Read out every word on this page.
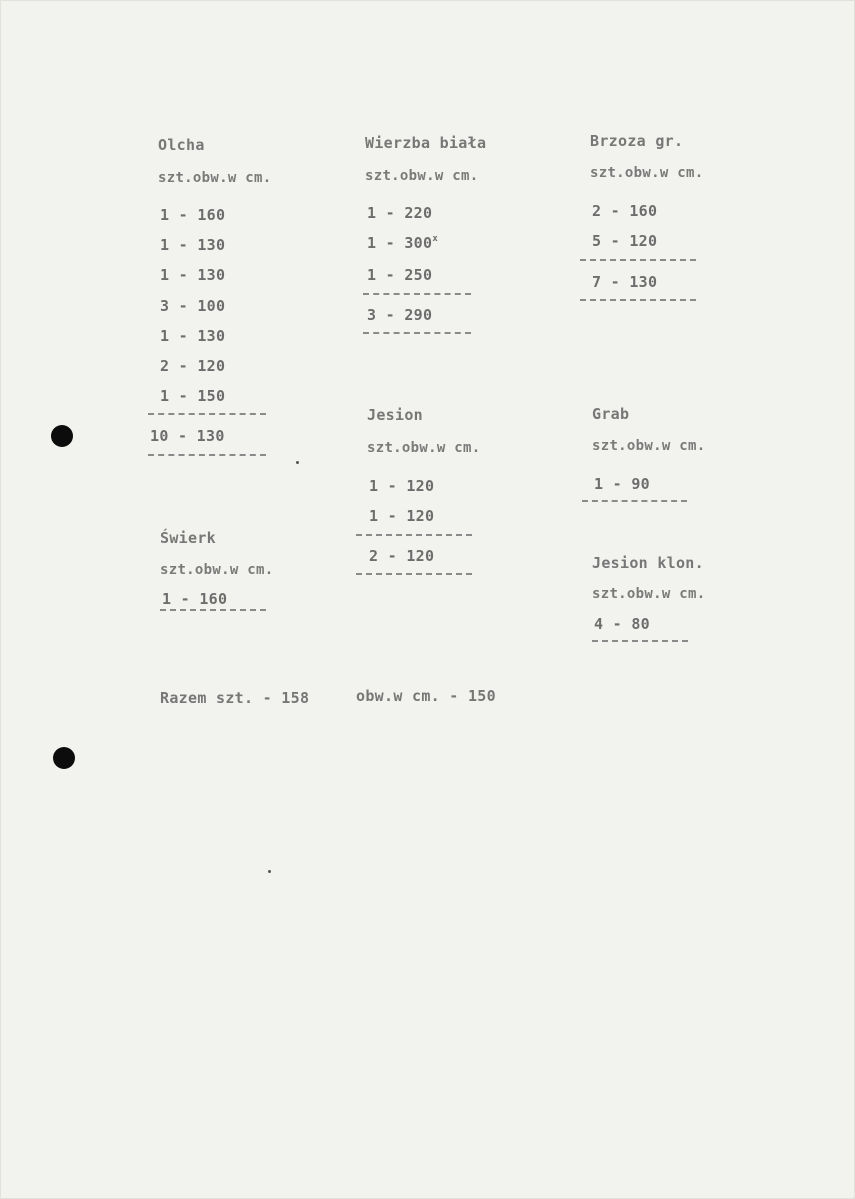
Olcha
szt.obw.w cm.
1 - 160
1 - 130
1 - 130
3 - 100
1 - 130
2 - 120
1 - 150
10 - 130
Wierzba biała
szt.obw.w cm.
1 - 220
1 - 300$^x$
1 - 250
3 - 290
Brzoza gr.
szt.obw.w cm.
2 - 160
5 - 120
7 - 130
Jesion
szt.obw.w cm.
1 - 120
1 - 120
2 - 120
Grab
szt.obw.w cm.
1 - 90
Świerk
szt.obw.w cm.
1 - 160
Jesion klon.
szt.obw.w cm.
4 - 80
Razem szt. - 158	obw.w cm. - 150
